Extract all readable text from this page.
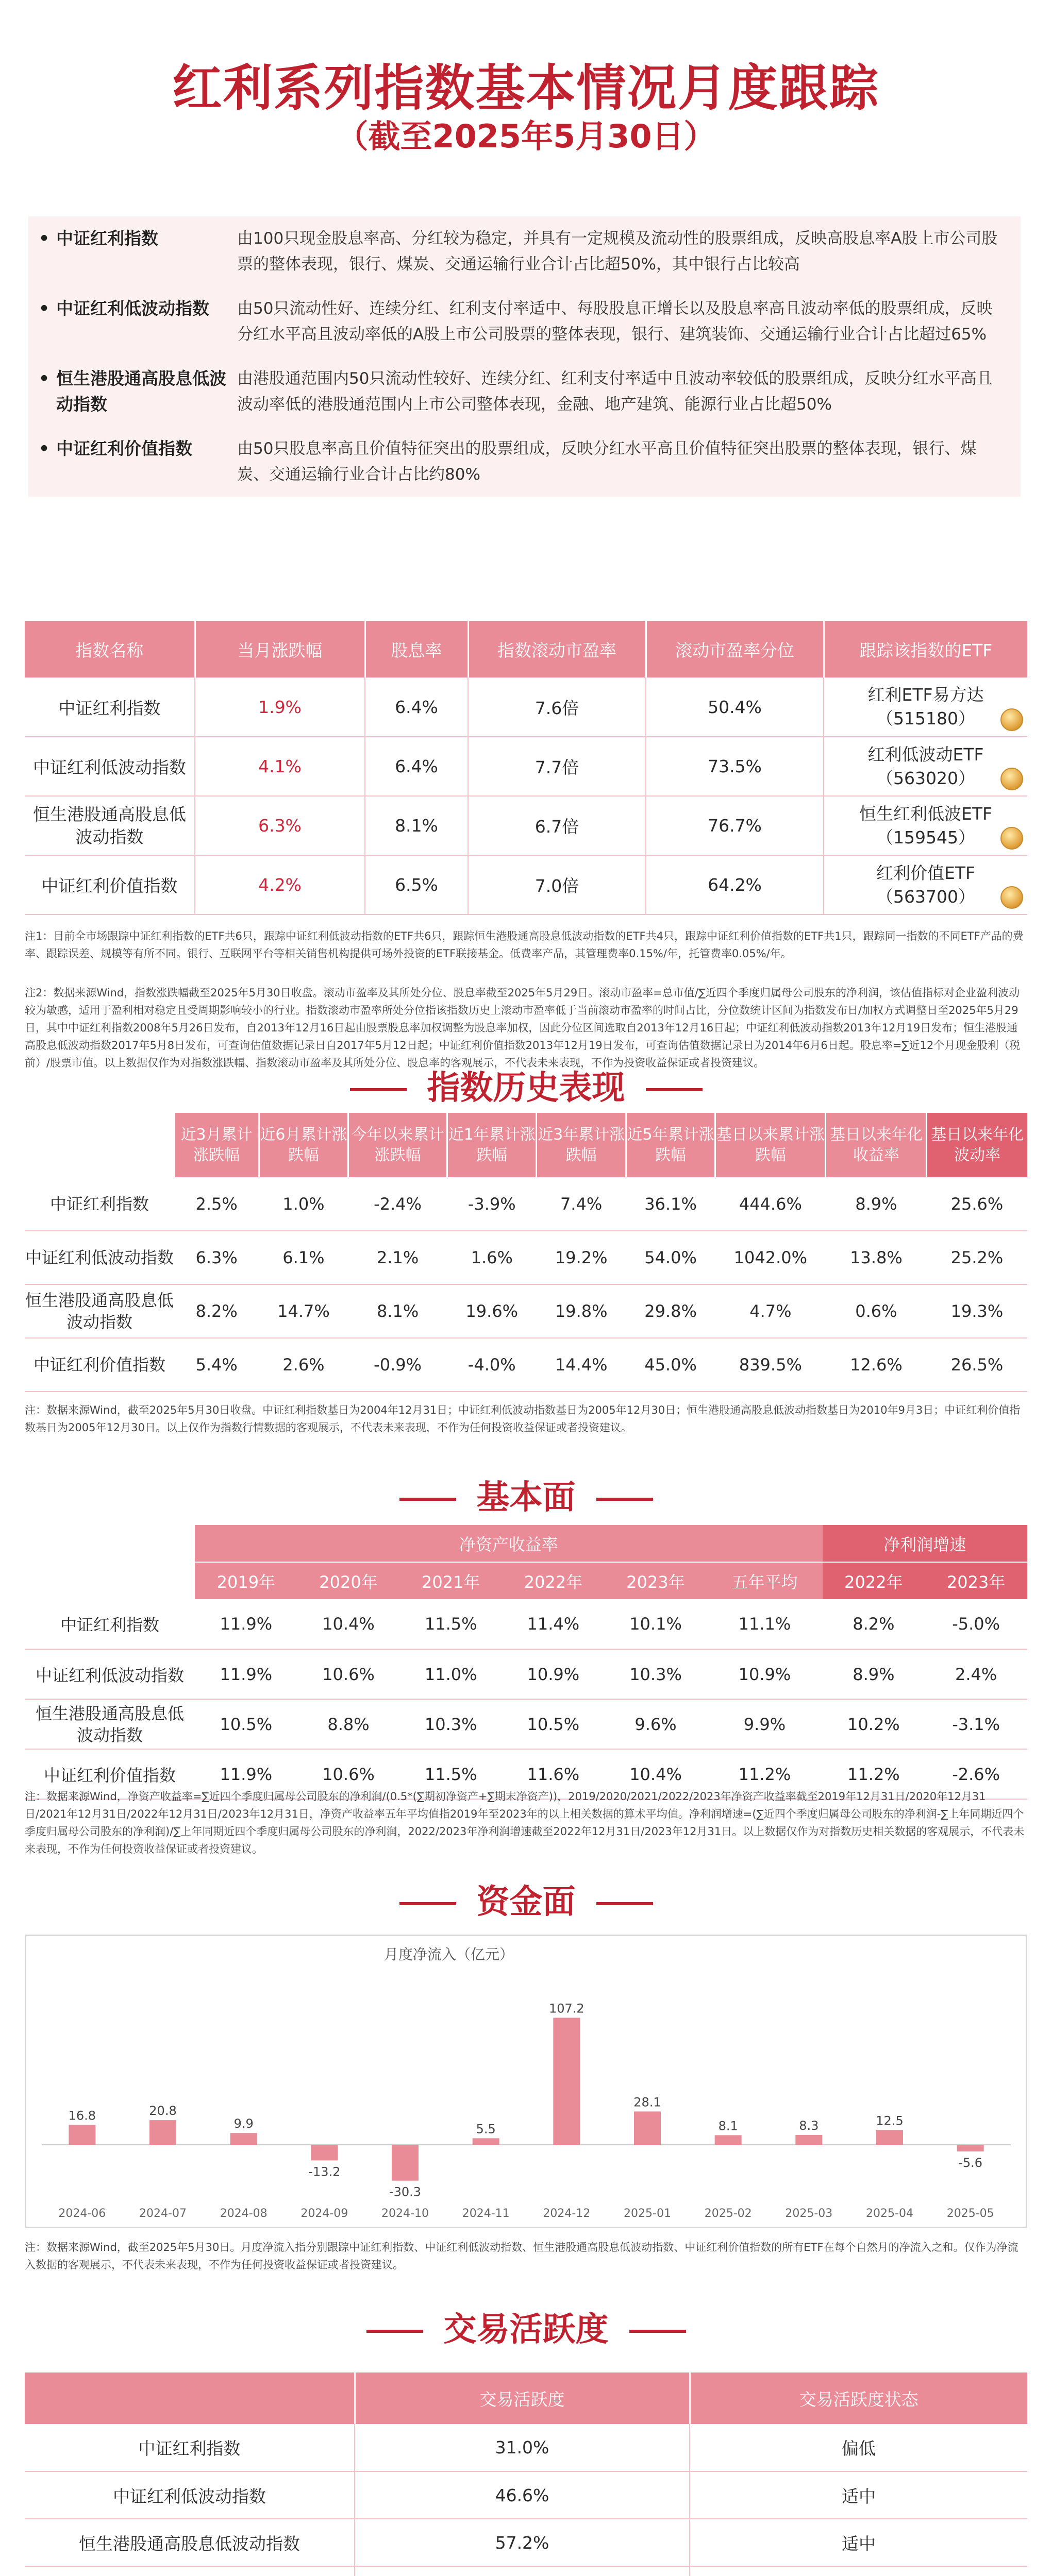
红利系列指数基本情况月度跟踪
（截至2025年5月30日）
• 中证红利指数	由100只现金股息率高、分红较为稳定，并具有一定规模及流动性的股票组成，反映高股息率A股上市公司股票的整体表现，银行、煤炭、交通运输行业合计占比超50%，其中银行占比较高
• 中证红利低波动指数 由50只流动性好、连续分红、红利支付率适中、每股股息正增长以及股息率高且波动率低的股票组成，反映分红水平高且波动率低的A股上市公司股票的整体表现，银行、建筑装饰、交通运输行业合计占比超过65%
• 恒生港股通高股息低波动指数
由港股通范围内50只流动性较好、连续分红、红利支付率适中且波动率较低的股票组成，反映分红水平高且波动率低的港股通范围内上市公司整体表现，金融、地产建筑、能源行业占比超50%
• 中证红利价值指数	由50只股息率高且价值特征突出的股票组成，反映分红水平高且价值特征突出股票的整体表现，银行、煤炭、交通运输行业合计占比约80%
指数名称	当月涨跌幅	股息率	指数滚动市盈率	滚动市盈率分位	跟踪该指数的ETF
中证红利指数	1.9%	6.4%	7.6倍	50.4%	红利ETF易方达
（515180）

中证红利低波动指数	4.1%	6.4%	7.7倍	73.5%	红利低波动ETF
（563020）

恒生港股通高股息低波动指数	6.3%	8.1%	6.7倍	76.7%	恒生红利低波ETF
（159545）

中证红利价值指数	4.2%	6.5%	7.0倍	64.2%	红利价值ETF
（563700）
注1：目前全市场跟踪中证红利指数的ETF共6只，跟踪中证红利低波动指数的ETF共6只，跟踪恒生港股通高股息低波动指数的ETF共4只，跟踪中证红利价值指数的ETF共1只，跟踪同一指数的不同ETF产品的费率、跟踪误差、规模等有所不同。银行、互联网平台等相关销售机构提供可场外投资的ETF联接基金。低费率产品，其管理费率0.15%/年，托管费率0.05%/年。
注2：数据来源Wind，指数涨跌幅截至2025年5月30日收盘。滚动市盈率及其所处分位、股息率截至2025年5月29日。滚动市盈率=总市值/∑近四个季度归属母公司股东的净利润，该估值指标对企业盈利波动较为敏感，适用于盈利相对稳定且受周期影响较小的行业。指数滚动市盈率所处分位指该指数历史上滚动市盈率低于当前滚动市盈率的时间占比，分位数统计区间为指数发布日/加权方式调整日至2025年5月29日，其中中证红利指数2008年5月26日发布，自2013年12月16日起由股票股息率加权调整为股息率加权，因此分位区间选取自2013年12月16日起；中证红利低波动指数2013年12月19日发布；恒生港股通高股息低波动指数2017年5月8日发布，可查询估值数据记录日自2017年5月12日起；中证红利价值指数2013年12月19日发布，可查询估值数据记录日为2014年6月6日起。股息率=∑近12个月现金股利（税前）/股票市值。以上数据仅作为对指数涨跌幅、指数滚动市盈率及其所处分位、股息率的客观展示，不代表未来表现，不作为投资收益保证或者投资建议。
指数历史表现
	近3月累计涨跌幅	近6月累计涨跌幅	今年以来累计涨跌幅	近1年累计涨跌幅	近3年累计涨跌幅	近5年累计涨跌幅	基日以来累计涨跌幅	基日以来年化收益率	基日以来年化波动率
中证红利指数	2.5%	1.0%	-2.4%	-3.9%	7.4%	36.1%	444.6%	8.9%	25.6%
中证红利低波动指数	6.3%	6.1%	2.1%	1.6%	19.2%	54.0%	1042.0%	13.8%	25.2%
恒生港股通高股息低波动指数	8.2%	14.7%	8.1%	19.6%	19.8%	29.8%	4.7%	0.6%	19.3%
中证红利价值指数	5.4%	2.6%	-0.9%	-4.0%	14.4%	45.0%	839.5%	12.6%	26.5%
注：数据来源Wind，截至2025年5月30日收盘。中证红利指数基日为2004年12月31日；中证红利低波动指数基日为2005年12月30日；恒生港股通高股息低波动指数基日为2010年9月3日；中证红利价值指数基日为2005年12月30日。以上仅作为指数行情数据的客观展示，不代表未来表现，不作为任何投资收益保证或者投资建议。
基本面
	净资产收益率						净利润增速	
	2019年	2020年	2021年	2022年	2023年	五年平均	2022年	2023年
中证红利指数	11.9%	10.4%	11.5%	11.4%	10.1%	11.1%	8.2%	-5.0%
中证红利低波动指数	11.9%	10.6%	11.0%	10.9%	10.3%	10.9%	8.9%	2.4%
恒生港股通高股息低波动指数	10.5%	8.8%	10.3%	10.5%	9.6%	9.9%	10.2%	-3.1%
中证红利价值指数	11.9%	10.6%	11.5%	11.6%	10.4%	11.2%	11.2%	-2.6%
注：数据来源Wind，净资产收益率=∑近四个季度归属母公司股东的净利润/(0.5*(∑期初净资产+∑期末净资产))，2019/2020/2021/2022/2023年净资产收益率截至2019年12月31日/2020年12月31日/2021年12月31日/2022年12月31日/2023年12月31日，净资产收益率五年平均值指2019年至2023年的以上相关数据的算术平均值。净利润增速=(∑近四个季度归属母公司股东的净利润-∑上年同期近四个季度归属母公司股东的净利润)/∑上年同期近四个季度归属母公司股东的净利润，2022/2023年净利润增速截至2022年12月31日/2023年12月31日。以上数据仅作为对指数历史相关数据的客观展示，不代表未来表现，不作为任何投资收益保证或者投资建议。
资金面
月度净流入（亿元）
16.8
2024-06
20.8
2024-07
9.9
2024-08
-13.2
2024-09
-30.3
2024-10
5.5
2024-11
107.2
2024-12
28.1
2025-01
8.1
2025-02
8.3
2025-03
12.5
2025-04
-5.6
2025-05
注：数据来源Wind，截至2025年5月30日。月度净流入指分别跟踪中证红利指数、中证红利低波动指数、恒生港股通高股息低波动指数、中证红利价值指数的所有ETF在每个自然月的净流入之和。仅作为净流入数据的客观展示，不代表未来表现，不作为任何投资收益保证或者投资建议。
交易活跃度
	交易活跃度	交易活跃度状态
中证红利指数	31.0%	偏低
中证红利低波动指数	46.6%	适中
恒生港股通高股息低波动指数	57.2%	适中
